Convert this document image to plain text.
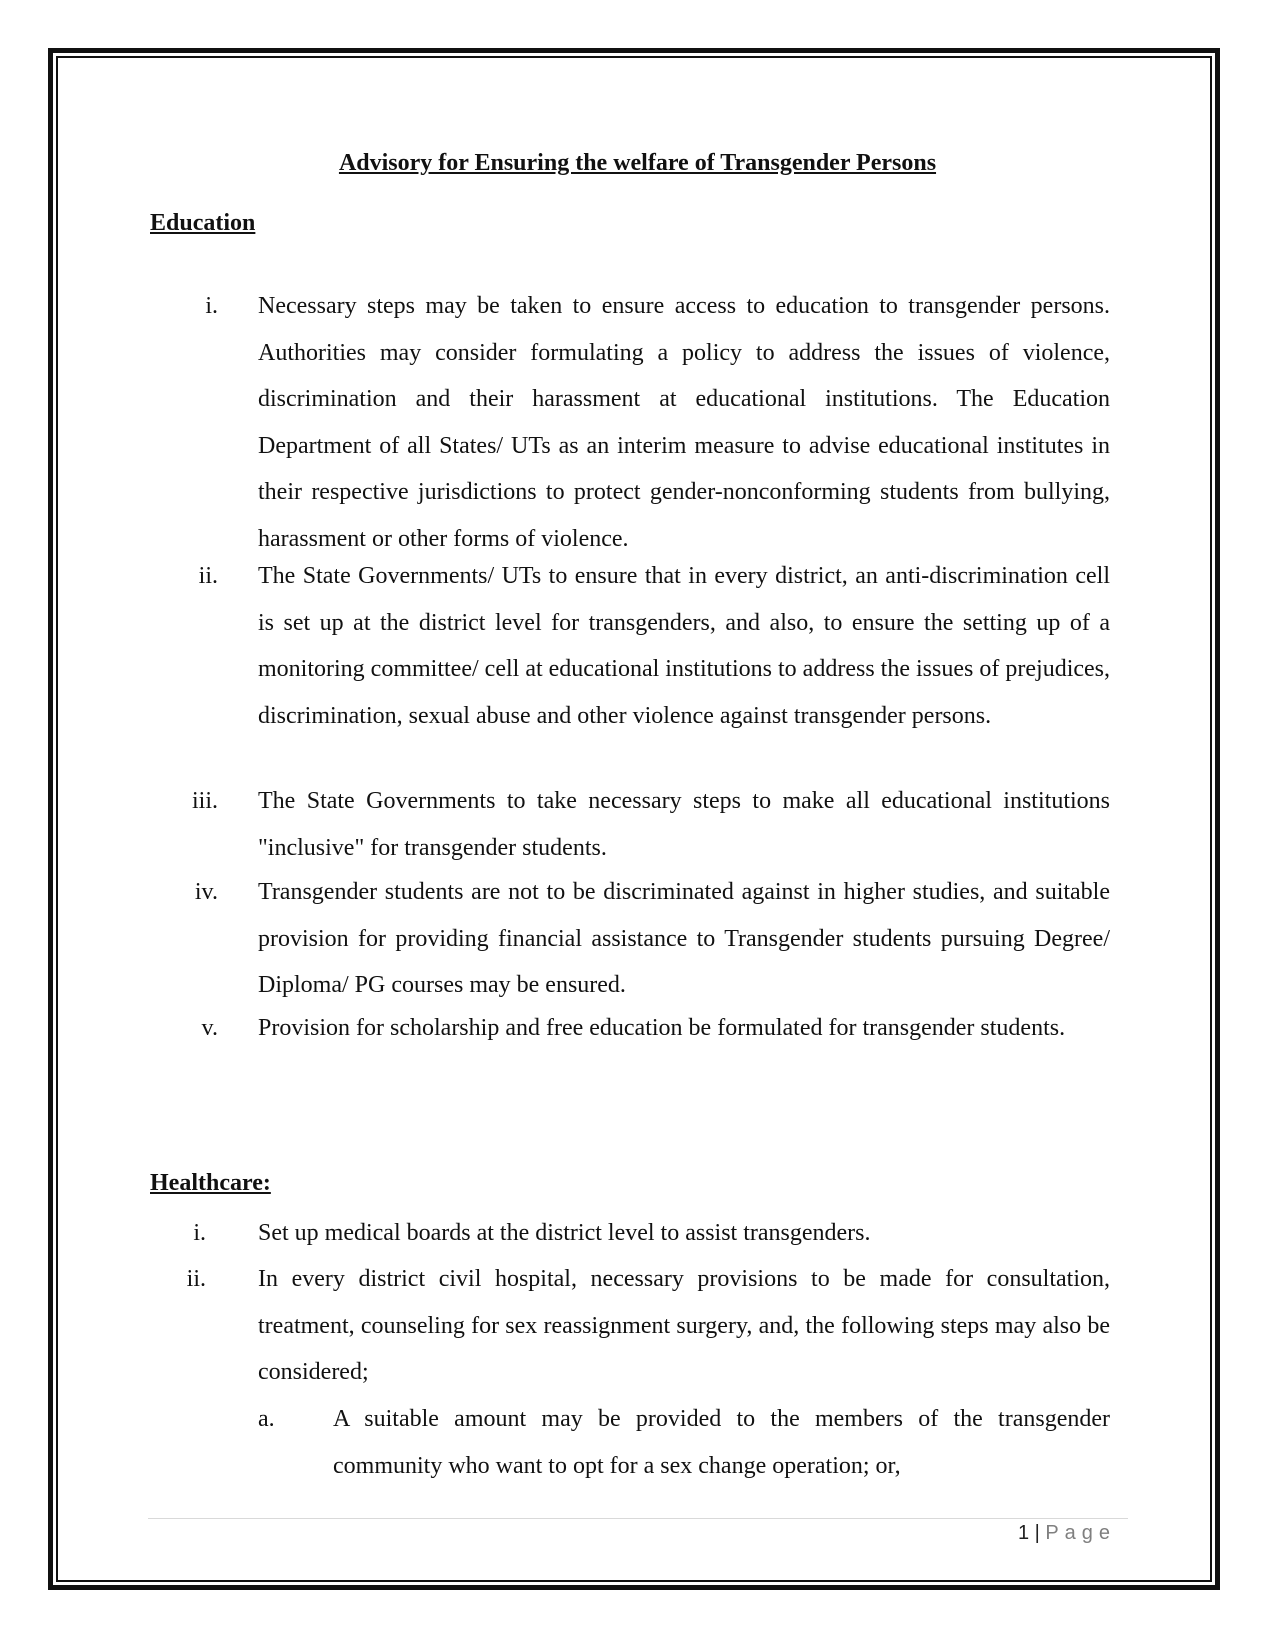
Advisory for Ensuring the welfare of Transgender Persons
Education
i. Necessary steps may be taken to ensure access to education to transgender persons. Authorities may consider formulating a policy to address the issues of violence, discrimination and their harassment at educational institutions. The Education Department of all States/ UTs as an interim measure to advise educational institutes in their respective jurisdictions to protect gender-nonconforming students from bullying, harassment or other forms of violence.

ii. The State Governments/ UTs to ensure that in every district, an anti-discrimination cell is set up at the district level for transgenders, and also, to ensure the setting up of a monitoring committee/ cell at educational institutions to address the issues of prejudices, discrimination, sexual abuse and other violence against transgender persons.

iii. The State Governments to take necessary steps to make all educational institutions "inclusive" for transgender students.

iv. Transgender students are not to be discriminated against in higher studies, and suitable provision for providing financial assistance to Transgender students pursuing Degree/ Diploma/ PG courses may be ensured.

v. Provision for scholarship and free education be formulated for transgender students.

Healthcare:
i. Set up medical boards at the district level to assist transgenders.

ii. In every district civil hospital, necessary provisions to be made for consultation, treatment, counseling for sex reassignment surgery, and, the following steps may also be considered;

a. A suitable amount may be provided to the members of the transgender community who want to opt for a sex change operation; or,

1 | Page
